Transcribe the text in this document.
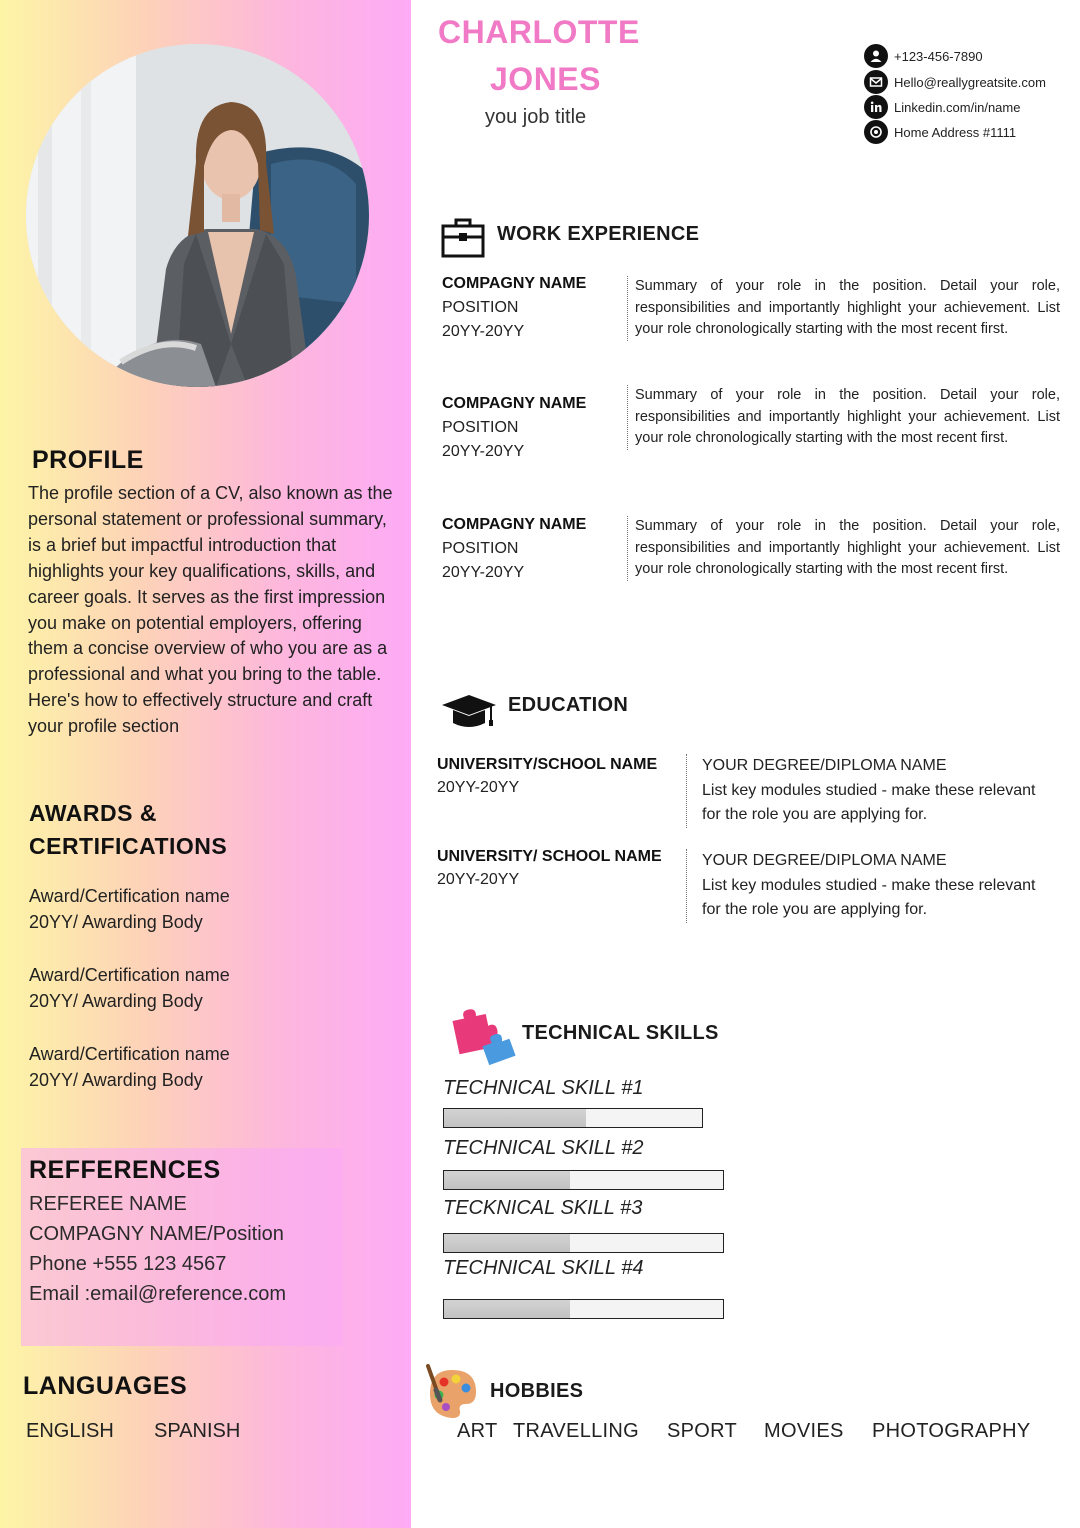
PROFILE
The profile section of a CV, also known as the personal statement or professional summary, is a brief but impactful introduction that highlights your key qualifications, skills, and career goals. It serves as the first impression you make on potential employers, offering them a concise overview of who you are as a professional and what you bring to the table. Here's how to effectively structure and craft your profile section
AWARDS & CERTIFICATIONS
Award/Certification name
20YY/ Awarding Body
Award/Certification name
20YY/ Awarding Body
Award/Certification name
20YY/ Awarding Body
REFFERENCES
REFEREE NAME
COMPAGNY NAME/Position
Phone +555 123 4567
Email :email@reference.com
LANGUAGES
ENGLISH SPANISH
CHARLOTTE
JONES
you job title
+123-456-7890
Hello@reallygreatsite.com
Linkedin.com/in/name
Home Address #1111
WORK EXPERIENCE
COMPAGNY NAME
POSITION
20YY-20YY
Summary of your role in the position. Detail your role, responsibilities and importantly highlight your achievement. List your role chronologically starting with the most recent first.
COMPAGNY NAME
POSITION
20YY-20YY
Summary of your role in the position. Detail your role, responsibilities and importantly highlight your achievement. List your role chronologically starting with the most recent first.
COMPAGNY NAME
POSITION
20YY-20YY
Summary of your role in the position. Detail your role, responsibilities and importantly highlight your achievement. List your role chronologically starting with the most recent first.
EDUCATION
UNIVERSITY/SCHOOL NAME
20YY-20YY
YOUR DEGREE/DIPLOMA NAME
List key modules studied - make these relevant for the role you are applying for.
UNIVERSITY/ SCHOOL NAME
20YY-20YY
YOUR DEGREE/DIPLOMA NAME
List key modules studied - make these relevant for the role you are applying for.
TECHNICAL SKILLS
TECHNICAL SKILL #1
TECHNICAL SKILL #2
TECKNICAL SKILL #3
TECHNICAL SKILL #4
HOBBIES
ART TRAVELLING SPORT MOVIES PHOTOGRAPHY
